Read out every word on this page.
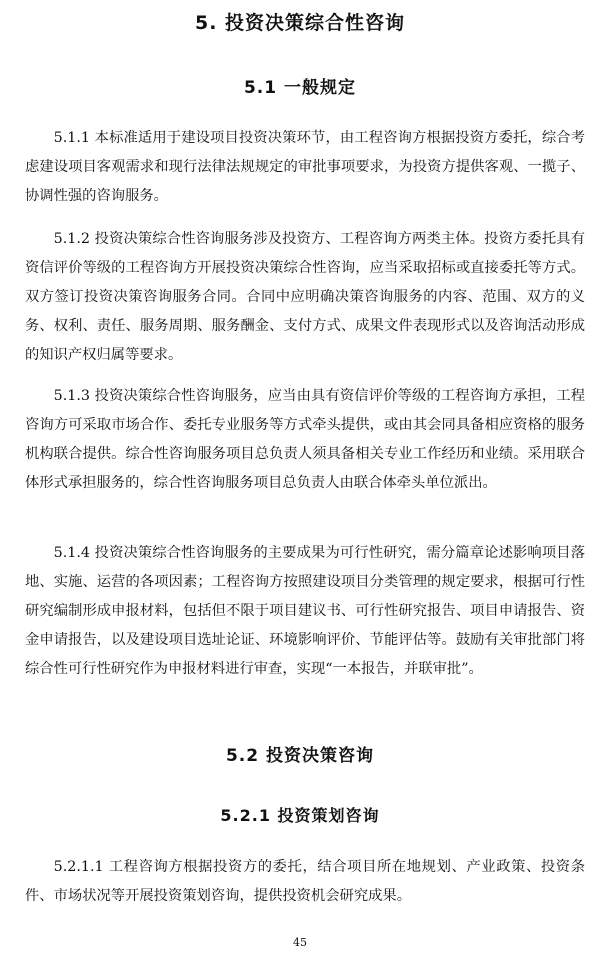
5. 投资决策综合性咨询
5.1 一般规定

5.1.1 本标准适用于建设项目投资决策环节，由工程咨询方根据投资方委托，综合考虑建设项目客观需求和现行法律法规规定的审批事项要求，为投资方提供客观、一揽子、协调性强的咨询服务。

5.1.2 投资决策综合性咨询服务涉及投资方、工程咨询方两类主体。投资方委托具有资信评价等级的工程咨询方开展投资决策综合性咨询，应当采取招标或直接委托等方式。双方签订投资决策咨询服务合同。合同中应明确决策咨询服务的内容、范围、双方的义务、权利、责任、服务周期、服务酬金、支付方式、成果文件表现形式以及咨询活动形成的知识产权归属等要求。

5.1.3 投资决策综合性咨询服务，应当由具有资信评价等级的工程咨询方承担，工程咨询方可采取市场合作、委托专业服务等方式牵头提供，或由其会同具备相应资格的服务机构联合提供。综合性咨询服务项目总负责人须具备相关专业工作经历和业绩。采用联合体形式承担服务的，综合性咨询服务项目总负责人由联合体牵头单位派出。

5.1.4 投资决策综合性咨询服务的主要成果为可行性研究，需分篇章论述影响项目落地、实施、运营的各项因素；工程咨询方按照建设项目分类管理的规定要求，根据可行性研究编制形成申报材料，包括但不限于项目建议书、可行性研究报告、项目申请报告、资金申请报告，以及建设项目选址论证、环境影响评价、节能评估等。鼓励有关审批部门将综合性可行性研究作为申报材料进行审查，实现“一本报告，并联审批”。

5.2 投资决策咨询
5.2.1 投资策划咨询

5.2.1.1 工程咨询方根据投资方的委托，结合项目所在地规划、产业政策、投资条件、市场状况等开展投资策划咨询，提供投资机会研究成果。

45
